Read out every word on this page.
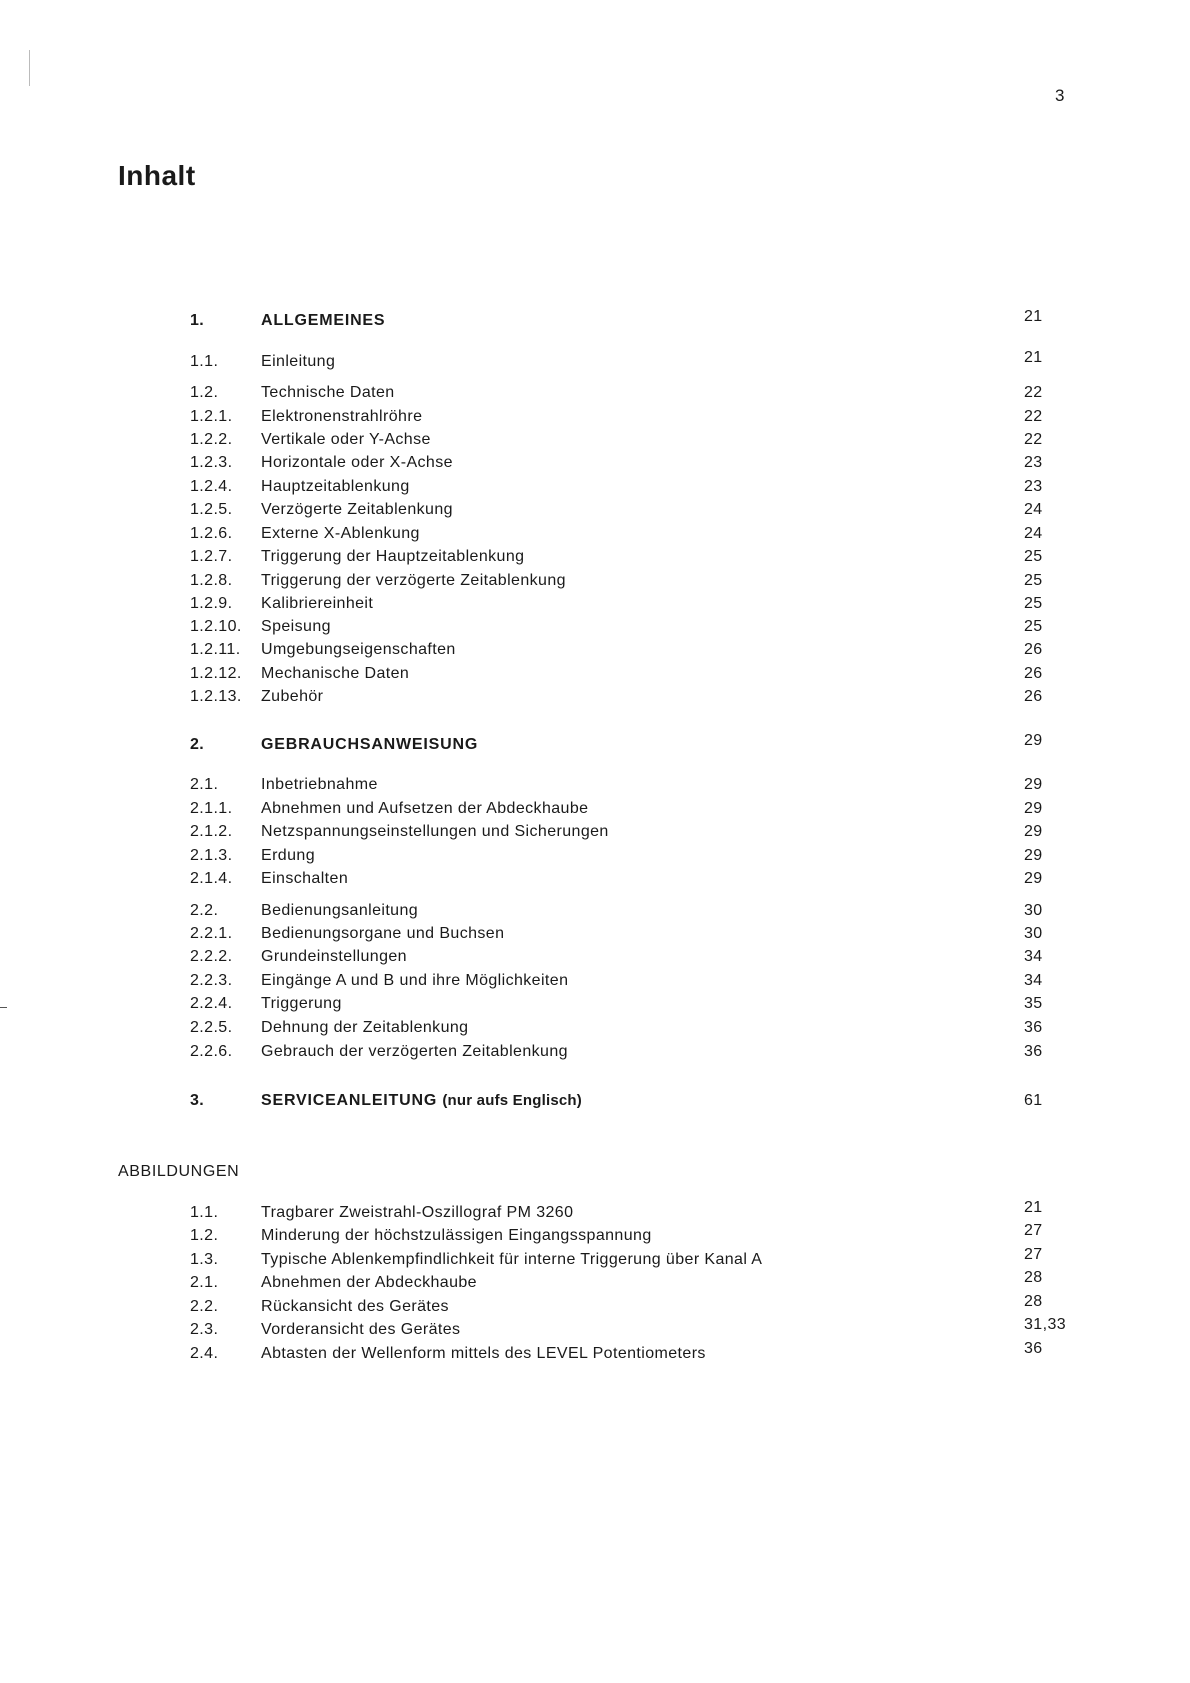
3
Inhalt
1.	ALLGEMEINES	21
1.1.	Einleitung	21
1.2.	Technische Daten	22
1.2.1. Elektronenstrahlröhre	22
1.2.2. Vertikale oder Y-Achse	22
1.2.3. Horizontale oder X-Achse	23
1.2.4. Hauptzeitablenkung	23
1.2.5. Verzögerte Zeitablenkung	24
1.2.6. Externe X-Ablenkung	24
1.2.7. Triggerung der Hauptzeitablenkung	25
1.2.8. Triggerung der verzögerte Zeitablenkung	25
1.2.9. Kalibriereinheit	25
1.2.10. Speisung	25
1.2.11. Umgebungseigenschaften	26
1.2.12. Mechanische Daten	26
1.2.13. Zubehör	26
2.	GEBRAUCHSANWEISUNG	29
2.1.	Inbetriebnahme	29
2.1.1. Abnehmen und Aufsetzen der Abdeckhaube	29
2.1.2. Netzspannungseinstellungen und Sicherungen	29
2.1.3. Erdung	29
2.1.4. Einschalten	29
2.2.	Bedienungsanleitung	30
2.2.1. Bedienungsorgane und Buchsen	30
2.2.2. Grundeinstellungen	34
2.2.3. Eingänge A und B und ihre Möglichkeiten	34
2.2.4. Triggerung	35
2.2.5. Dehnung der Zeitablenkung	36
2.2.6. Gebrauch der verzögerten Zeitablenkung	36
3.	SERVICEANLEITUNG (nur aufs Englisch)	61
ABBILDUNGEN
1.1.	Tragbarer Zweistrahl-Oszillograf PM 3260	21
1.2.	Minderung der höchstzulässigen Eingangsspannung	27
1.3.	Typische Ablenkempfindlichkeit für interne Triggerung über Kanal A	27
2.1.	Abnehmen der Abdeckhaube	28
2.2.	Rückansicht des Gerätes	28
2.3.	Vorderansicht des Gerätes	31,33
2.4.	Abtasten der Wellenform mittels des LEVEL Potentiometers	36
